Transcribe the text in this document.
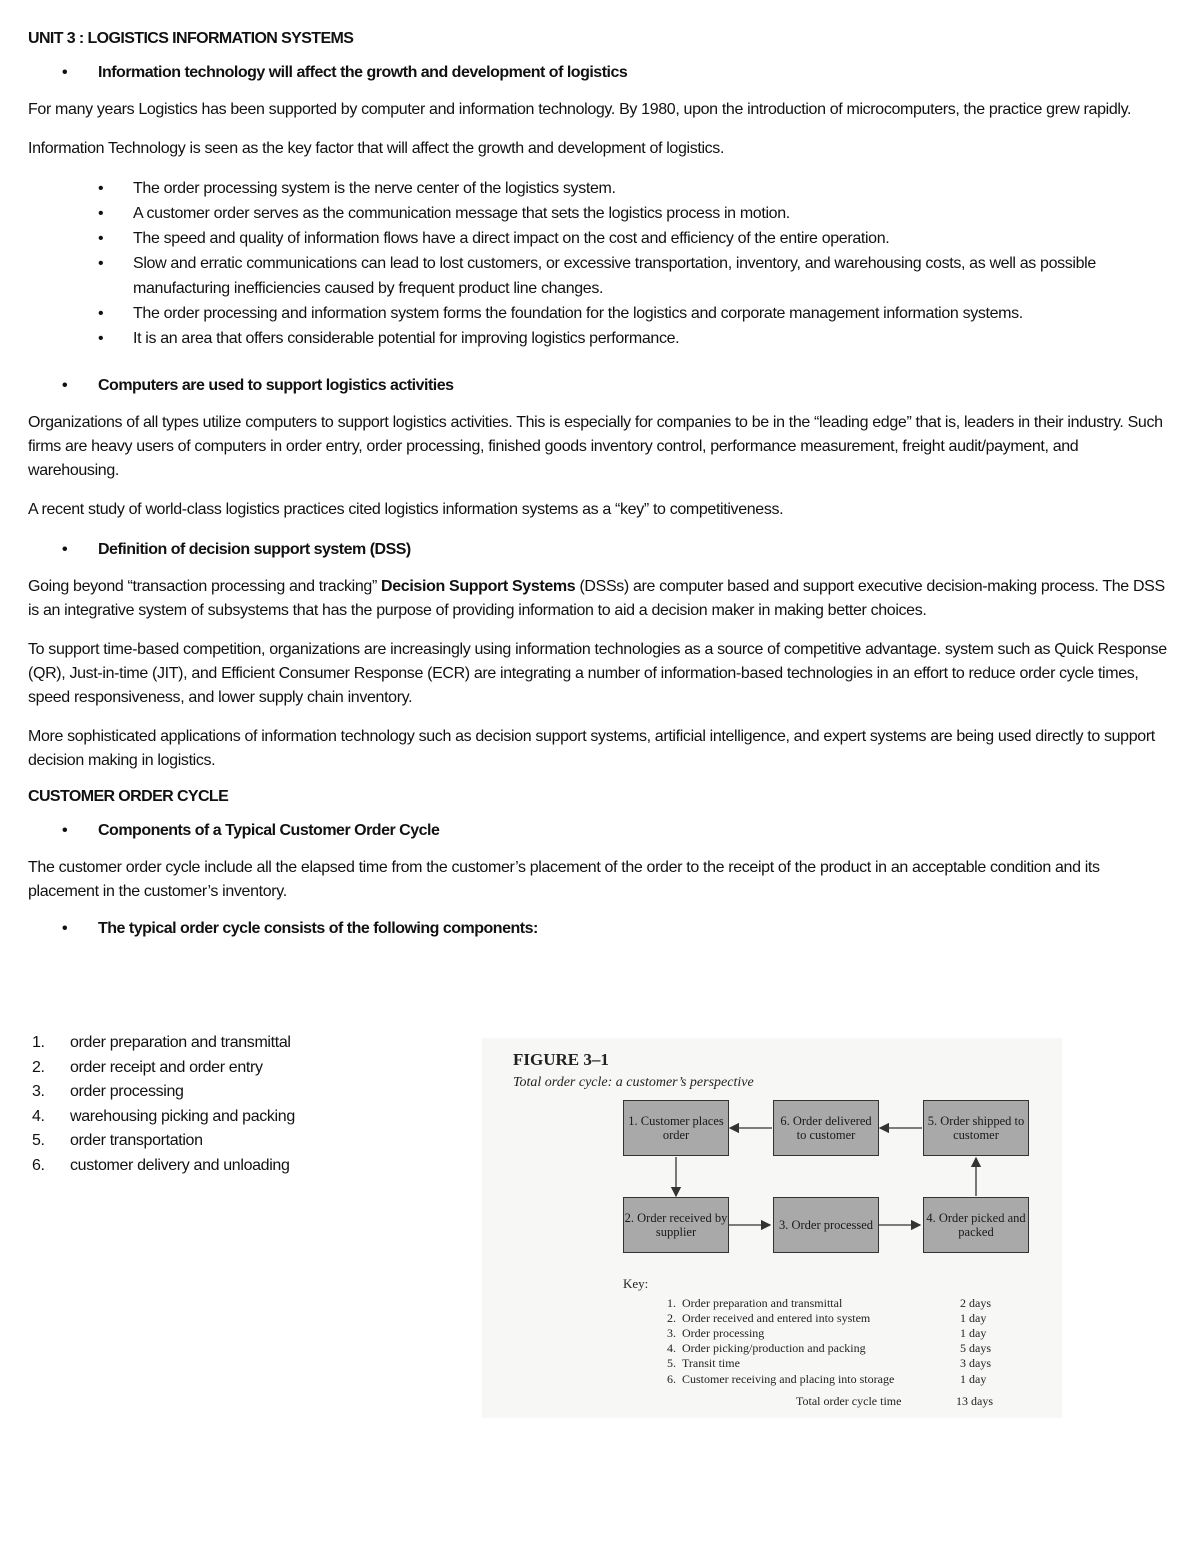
UNIT 3 : LOGISTICS INFORMATION SYSTEMS
• Information technology will affect the growth and development of logistics

For many years Logistics has been supported by computer and information technology. By 1980, upon the introduction of microcomputers, the practice grew rapidly.

Information Technology is seen as the key factor that will affect the growth and development of logistics.

• The order processing system is the nerve center of the logistics system.
• A customer order serves as the communication message that sets the logistics process in motion.
• The speed and quality of information flows have a direct impact on the cost and efficiency of the entire operation.
• Slow and erratic communications can lead to lost customers, or excessive transportation, inventory, and warehousing costs, as well as possible manufacturing inefficiencies caused by frequent product line changes.
• The order processing and information system forms the foundation for the logistics and corporate management information systems.
• It is an area that offers considerable potential for improving logistics performance.
• Computers are used to support logistics activities

Organizations of all types utilize computers to support logistics activities. This is especially for companies to be in the “leading edge” that is, leaders in their industry. Such firms are heavy users of computers in order entry, order processing, finished goods inventory control, performance measurement, freight audit/payment, and warehousing.

A recent study of world-class logistics practices cited logistics information systems as a “key” to competitiveness.

• Definition of decision support system (DSS)

Going beyond “transaction processing and tracking” Decision Support Systems (DSSs) are computer based and support executive decision-making process. The DSS is an integrative system of subsystems that has the purpose of providing information to aid a decision maker in making better choices.

To support time-based competition, organizations are increasingly using information technologies as a source of competitive advantage. system such as Quick Response (QR), Just-in-time (JIT), and Efficient Consumer Response (ECR) are integrating a number of information-based technologies in an effort to reduce order cycle times, speed responsiveness, and lower supply chain inventory.

More sophisticated applications of information technology such as decision support systems, artificial intelligence, and expert systems are being used directly to support decision making in logistics.

CUSTOMER ORDER CYCLE
• Components of a Typical Customer Order Cycle

The customer order cycle include all the elapsed time from the customer’s placement of the order to the receipt of the product in an acceptable condition and its placement in the customer’s inventory.

• The typical order cycle consists of the following components:
1. order preparation and transmittal
2. order receipt and order entry
3. order processing
4. warehousing picking and packing
5. order transportation
6. customer delivery and unloading
FIGURE 3–1
Total order cycle: a customer’s perspective
1. Customer places order
6. Order delivered to customer
5. Order shipped to customer
2. Order received by supplier	3. Order processed	4. Order picked and packed
Key:
1. Order preparation and transmittal	2 days
2. Order received and entered into system	1 day
3. Order processing	1 day
4. Order picking/production and packing	5 days
5. Transit time	3 days
6. Customer receiving and placing into storage	1 day
Total order cycle time	13 days
